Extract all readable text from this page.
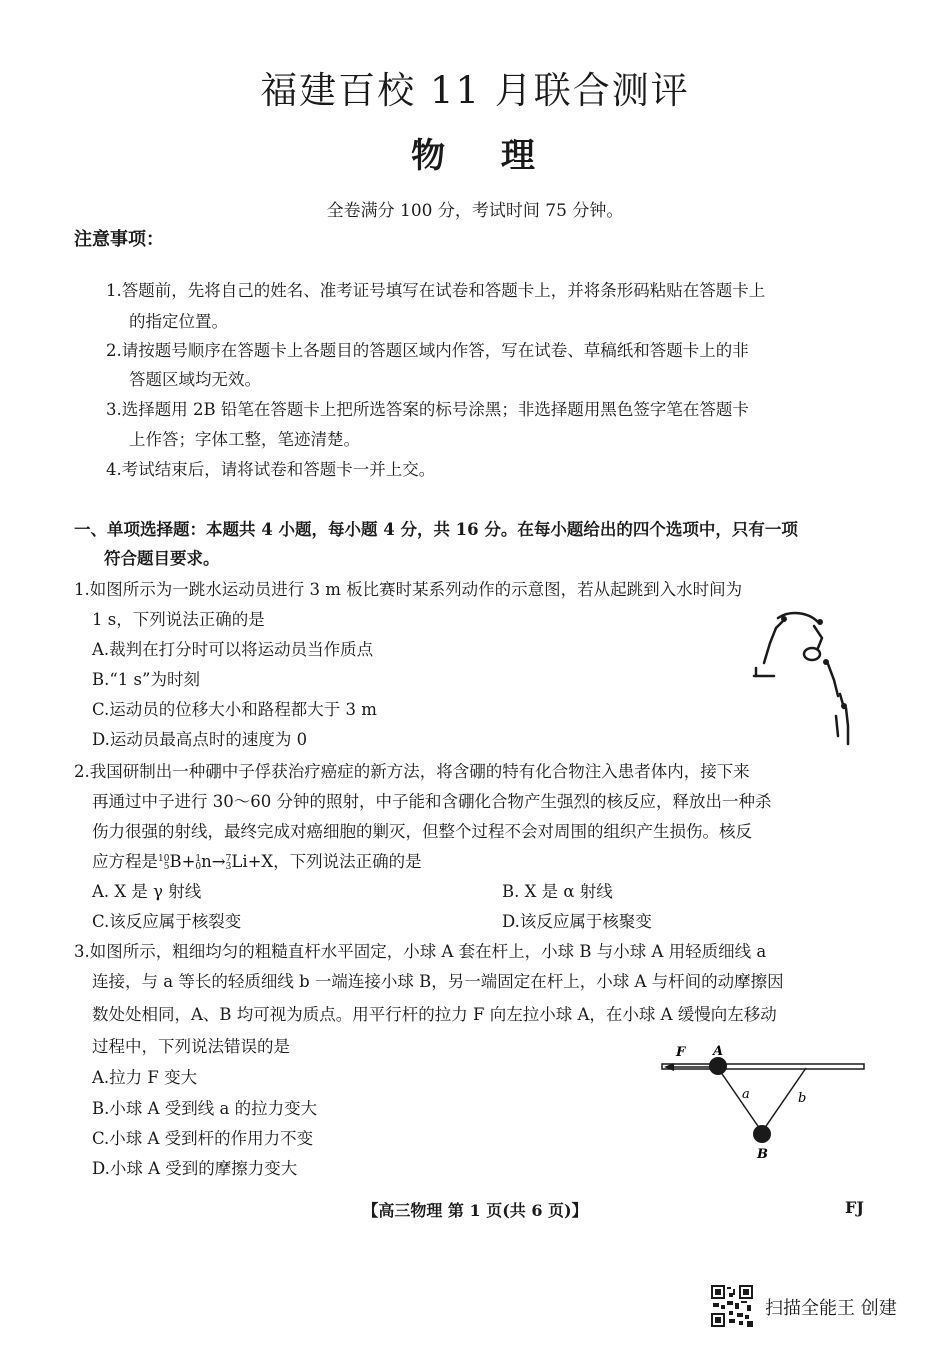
福建百校 11 月联合测评
物 理
全卷满分 100 分，考试时间 75 分钟。
注意事项：
1.答题前，先将自己的姓名、准考证号填写在试卷和答题卡上，并将条形码粘贴在答题卡上
的指定位置。
2.请按题号顺序在答题卡上各题目的答题区域内作答，写在试卷、草稿纸和答题卡上的非
答题区域均无效。
3.选择题用 2B 铅笔在答题卡上把所选答案的标号涂黑；非选择题用黑色签字笔在答题卡
上作答；字体工整，笔迹清楚。
4.考试结束后，请将试卷和答题卡一并上交。
一、单项选择题：本题共 4 小题，每小题 4 分，共 16 分。在每小题给出的四个选项中，只有一项
符合题目要求。
1.如图所示为一跳水运动员进行 3 m 板比赛时某系列动作的示意图，若从起跳到入水时间为
1 s，下列说法正确的是
A.裁判在打分时可以将运动员当作质点
B.“1 s”为时刻
C.运动员的位移大小和路程都大于 3 m
D.运动员最高点时的速度为 0
2.我国研制出一种硼中子俘获治疗癌症的新方法，将含硼的特有化合物注入患者体内，接下来
再通过中子进行 30～60 分钟的照射，中子能和含硼化合物产生强烈的核反应，释放出一种杀
伤力很强的射线，最终完成对癌细胞的剿灭，但整个过程不会对周围的组织产生损伤。核反
应方程是 10
5 B+ 1
0 n→ 7
3 Li+X，下列说法正确的是
A. X 是 γ 射线	B. X 是 α 射线
C.该反应属于核裂变	D.该反应属于核聚变
3.如图所示，粗细均匀的粗糙直杆水平固定，小球 A 套在杆上，小球 B 与小球 A 用轻质细线 a
连接，与 a 等长的轻质细线 b 一端连接小球 B，另一端固定在杆上，小球 A 与杆间的动摩擦因
数处处相同，A、B 均可视为质点。用平行杆的拉力 F 向左拉小球 A，在小球 A 缓慢向左移动
过程中，下列说法错误的是
A.拉力 F 变大
B.小球 A 受到线 a 的拉力变大
C.小球 A 受到杆的作用力不变
D.小球 A 受到的摩擦力变大
F A
a	b
B
【高三物理 第 1 页(共 6 页)】	FJ
扫描全能王 创建
